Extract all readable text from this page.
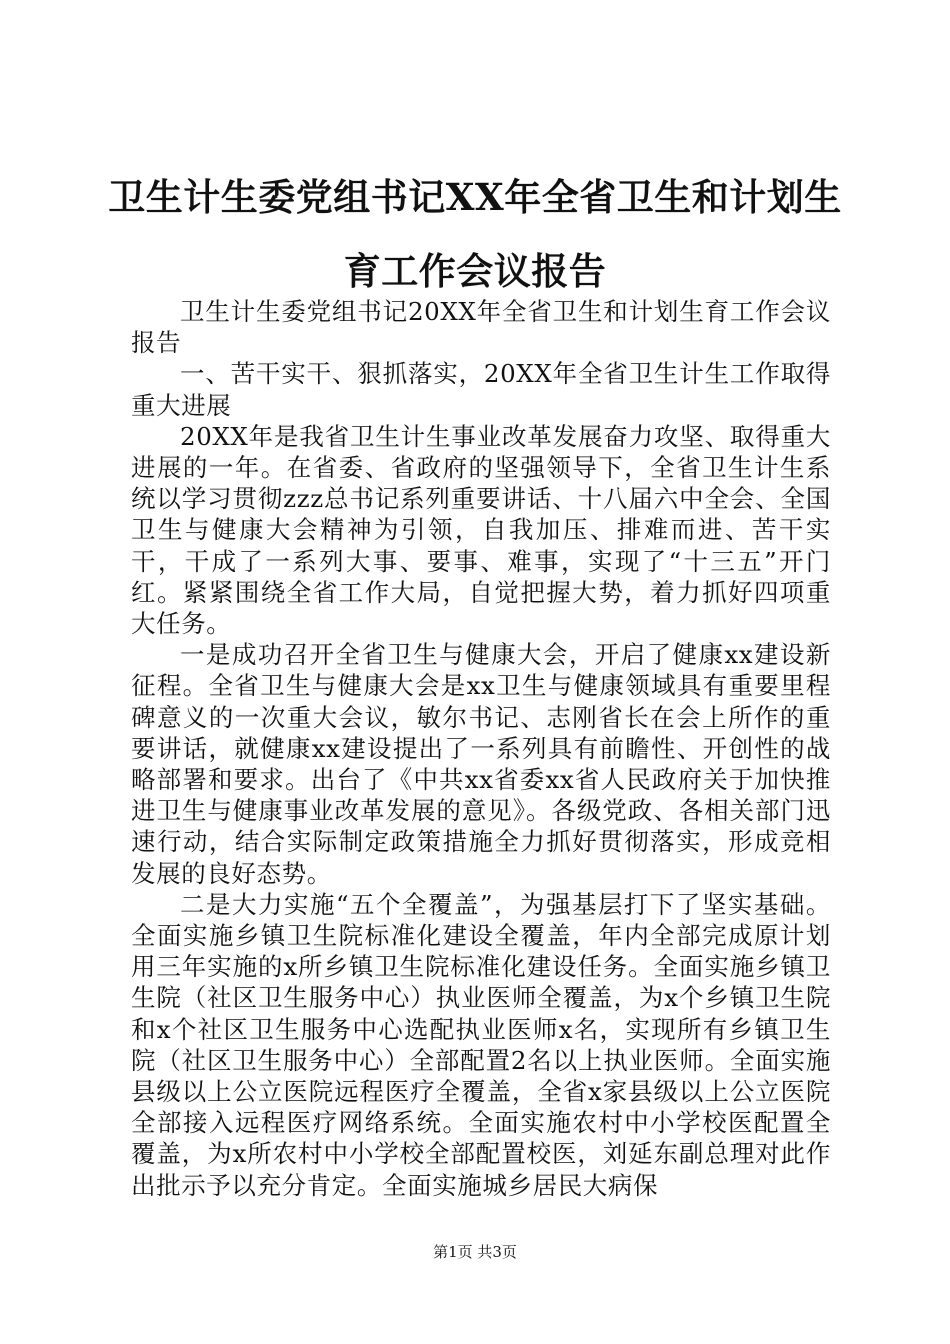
卫生计生委党组书记XX年全省卫生和计划生
育工作会议报告

卫生计生委党组书记20XX年全省卫生和计划生育工作会议报告

一、苦干实干、狠抓落实，20XX年全省卫生计生工作取得重大进展

20XX年是我省卫生计生事业改革发展奋力攻坚、取得重大进展的一年。在省委、省政府的坚强领导下，全省卫生计生系统以学习贯彻zzz总书记系列重要讲话、十八届六中全会、全国卫生与健康大会精神为引领，自我加压、排难而进、苦干实干，干成了一系列大事、要事、难事，实现了“十三五”开门红。紧紧围绕全省工作大局，自觉把握大势，着力抓好四项重大任务。

一是成功召开全省卫生与健康大会，开启了健康xx建设新征程。全省卫生与健康大会是xx卫生与健康领域具有重要里程碑意义的一次重大会议，敏尔书记、志刚省长在会上所作的重要讲话，就健康xx建设提出了一系列具有前瞻性、开创性的战略部署和要求。出台了《中共xx省委xx省人民政府关于加快推进卫生与健康事业改革发展的意见》。各级党政、各相关部门迅速行动，结合实际制定政策措施全力抓好贯彻落实，形成竞相发展的良好态势。

二是大力实施“五个全覆盖”，为强基层打下了坚实基础。全面实施乡镇卫生院标准化建设全覆盖，年内全部完成原计划用三年实施的x所乡镇卫生院标准化建设任务。全面实施乡镇卫生院（社区卫生服务中心）执业医师全覆盖，为x个乡镇卫生院和x个社区卫生服务中心选配执业医师x名，实现所有乡镇卫生院（社区卫生服务中心）全部配置2名以上执业医师。全面实施县级以上公立医院远程医疗全覆盖，全省x家县级以上公立医院全部接入远程医疗网络系统。全面实施农村中小学校医配置全覆盖，为x所农村中小学校全部配置校医，刘延东副总理对此作出批示予以充分肯定。全面实施城乡居民大病保

第1页 共3页
